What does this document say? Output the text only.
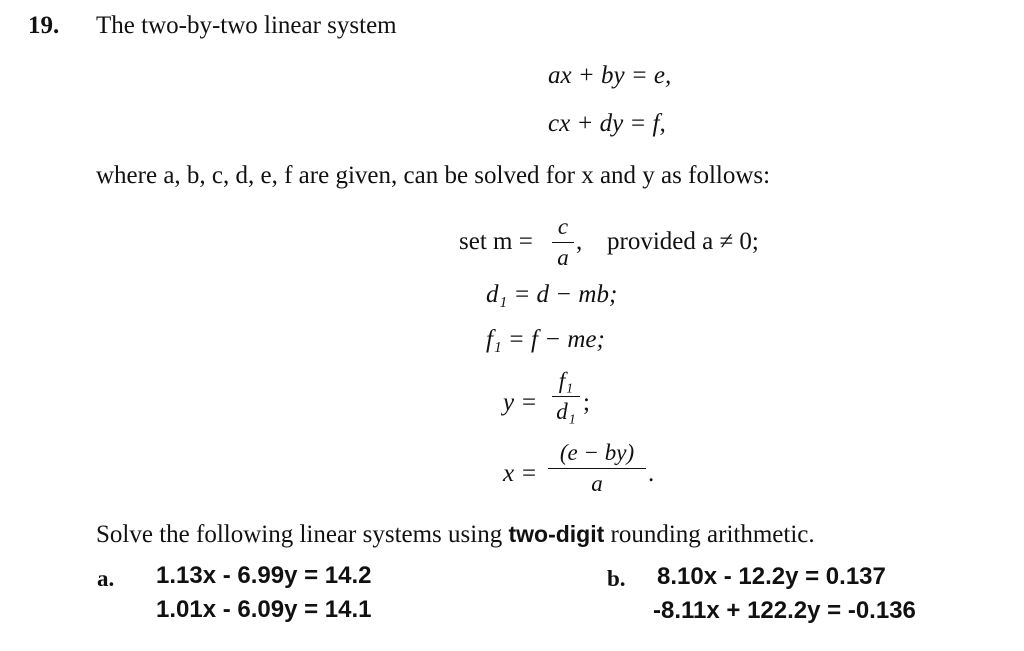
19. The two-by-two linear system
ax + by = e,
cx + dy = f,
where a, b, c, d, e, f are given, can be solved for x and y as follows:
set m =
c
a
, provided a ≠ 0;
d₁ = d − mb;
f₁ = f − me;
y =
f₁
d₁ ;
x =
(e − by)
a	.
Solve the following linear systems using two-digit rounding arithmetic.
a. 1.13x - 6.99y = 14.2
1.01x - 6.09y = 14.1
b. 8.10x - 12.2y = 0.137
-8.11x + 122.2y = -0.136
